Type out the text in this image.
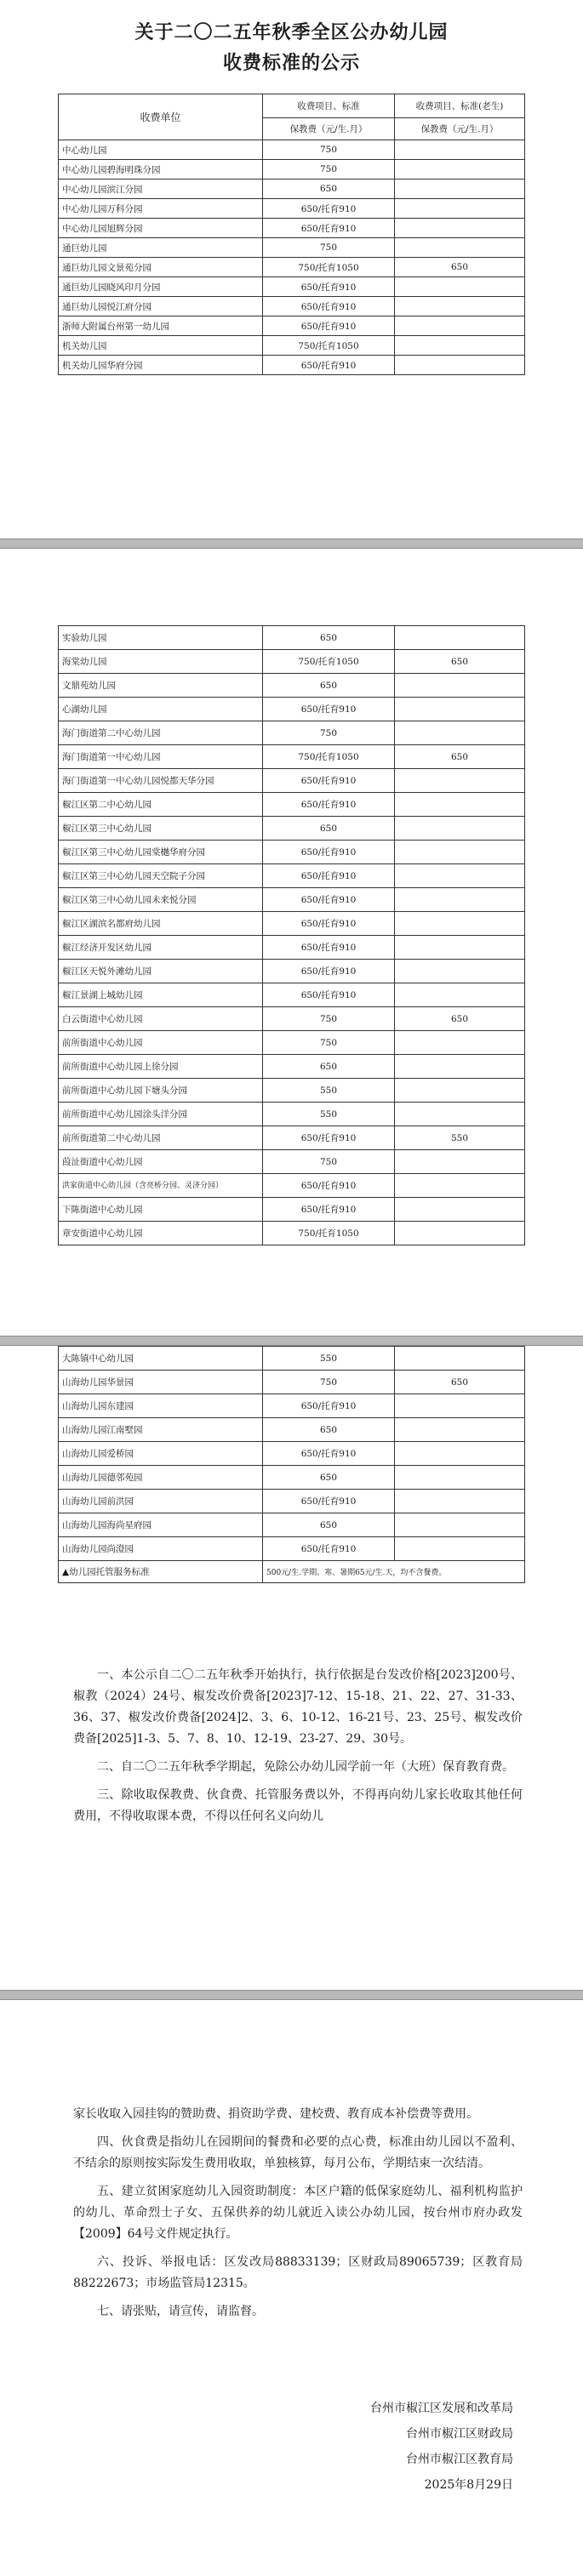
关于二〇二五年秋季全区公办幼儿园
收费标准的公示
收费单位	收费项目、标准	收费项目、标准(老生)
	保教费（元/生.月）	保教费（元/生.月）
中心幼儿园	750	
中心幼儿园碧海明珠分园	750	
中心幼儿园滨江分园	650	
中心幼儿园万科分园	650/托育910	
中心幼儿园旭辉分园	650/托育910	
通巨幼儿园	750	
通巨幼儿园文景苑分园	750/托育1050	650
通巨幼儿园晓风印月分园	650/托育910	
通巨幼儿园悦江府分园	650/托育910	
浙师大附属台州第一幼儿园	650/托育910	
机关幼儿园	750/托育1050	
机关幼儿园华府分园	650/托育910	
实验幼儿园	650	
海棠幼儿园	750/托育1050	650
文鼎苑幼儿园	650	
心湖幼儿园	650/托育910	
海门街道第二中心幼儿园	750	
海门街道第一中心幼儿园	750/托育1050	650
海门街道第一中心幼儿园悦都天华分园	650/托育910	
椒江区第二中心幼儿园	650/托育910	
椒江区第三中心幼儿园	650	
椒江区第三中心幼儿园棠樾华府分园	650/托育910	
椒江区第三中心幼儿园天空院子分园	650/托育910	
椒江区第三中心幼儿园未来悦分园	650/托育910	
椒江区湖滨名都府幼儿园	650/托育910	
椒江经济开发区幼儿园	650/托育910	
椒江区天悦外滩幼儿园	650/托育910	
椒江景湖上城幼儿园	650/托育910	
白云街道中心幼儿园	750	650
前所街道中心幼儿园	750	
前所街道中心幼儿园上徐分园	650	
前所街道中心幼儿园下塘头分园	550	
前所街道中心幼儿园涂头洋分园	550	
前所街道第二中心幼儿园	650/托育910	550
葭沚街道中心幼儿园	750	
洪家街道中心幼儿园（含亮桥分园、灵济分园）	650/托育910	
下陈街道中心幼儿园	650/托育910	
章安街道中心幼儿园	750/托育1050	
大陈镇中心幼儿园	550	
山海幼儿园华景园	750	650
山海幼儿园东建园	650/托育910	
山海幼儿园江南墅园	650	
山海幼儿园爱桥园	650/托育910	
山海幼儿园德邻苑园	650	
山海幼儿园前洪园	650/托育910	
山海幼儿园海尚星府园	650	
山海幼儿园尚澄园	650/托育910	
▲幼儿园托管服务标准	500元/生.学期。寒、暑期65元/生.天，均不含餐费。	

一、本公示自二〇二五年秋季开始执行，执行依据是台发改价格[2023]200号、椒教（2024）24号、椒发改价费备[2023]7-12、15-18、21、22、27、31-33、36、37、椒发改价费备[2024]2、3、6、10-12、16-21号、23、25号、椒发改价费备[2025]1-3、5、7、8、10、12-19、23-27、29、30号。

二、自二〇二五年秋季学期起，免除公办幼儿园学前一年（大班）保育教育费。

三、除收取保教费、伙食费、托管服务费以外，不得再向幼儿家长收取其他任何费用，不得收取课本费，不得以任何名义向幼儿

家长收取入园挂钩的赞助费、捐资助学费、建校费、教育成本补偿费等费用。

四、伙食费是指幼儿在园期间的餐费和必要的点心费，标准由幼儿园以不盈利、不结余的原则按实际发生费用收取，单独核算，每月公布，学期结束一次结清。

五、建立贫困家庭幼儿入园资助制度：本区户籍的低保家庭幼儿、福利机构监护的幼儿、革命烈士子女、五保供养的幼儿就近入读公办幼儿园，按台州市府办政发【2009】64号文件规定执行。

六、投诉、举报电话：区发改局88833139；区财政局89065739；区教育局88222673；市场监管局12315。

七、请张贴，请宣传，请监督。

台州市椒江区发展和改革局
台州市椒江区财政局
台州市椒江区教育局
2025年8月29日
